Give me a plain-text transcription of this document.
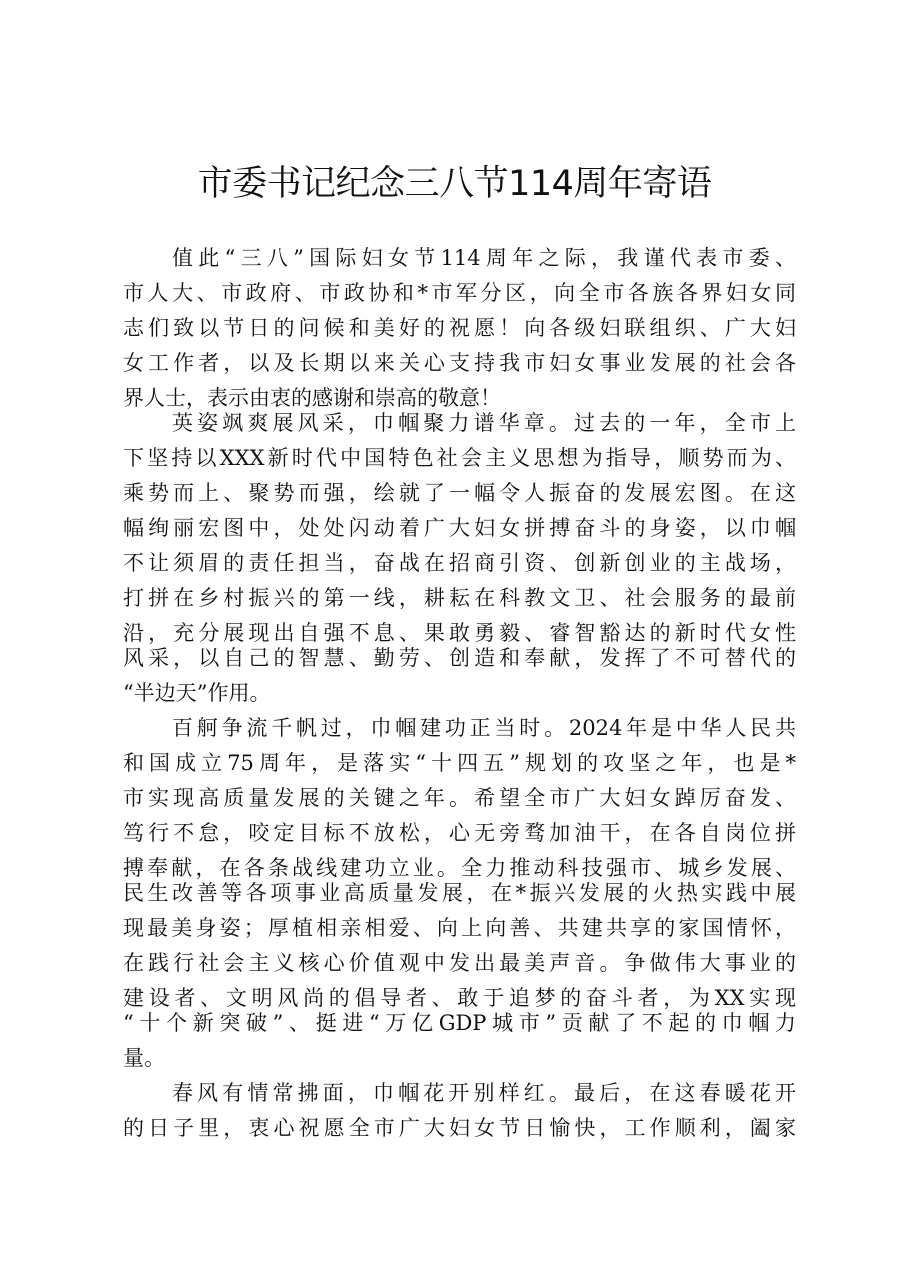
市委书记纪念三八节114周年寄语

值此“三八”国际妇女节114周年之际，我谨代表市委、

市人大、市政府、市政协和*市军分区，向全市各族各界妇女同

志们致以节日的问候和美好的祝愿！向各级妇联组织、广大妇

女工作者，以及长期以来关心支持我市妇女事业发展的社会各

界人士，表示由衷的感谢和崇高的敬意！

英姿飒爽展风采，巾帼聚力谱华章。过去的一年，全市上

下坚持以XXX新时代中国特色社会主义思想为指导，顺势而为、

乘势而上、聚势而强，绘就了一幅令人振奋的发展宏图。在这

幅绚丽宏图中，处处闪动着广大妇女拼搏奋斗的身姿，以巾帼

不让须眉的责任担当，奋战在招商引资、创新创业的主战场，

打拼在乡村振兴的第一线，耕耘在科教文卫、社会服务的最前

沿，充分展现出自强不息、果敢勇毅、睿智豁达的新时代女性

风采，以自己的智慧、勤劳、创造和奉献，发挥了不可替代的

“半边天”作用。

百舸争流千帆过，巾帼建功正当时。2024年是中华人民共

和国成立75周年，是落实“十四五”规划的攻坚之年，也是*

市实现高质量发展的关键之年。希望全市广大妇女踔厉奋发、

笃行不怠，咬定目标不放松，心无旁骛加油干，在各自岗位拼

搏奉献，在各条战线建功立业。全力推动科技强市、城乡发展、

民生改善等各项事业高质量发展，在*振兴发展的火热实践中展

现最美身姿；厚植相亲相爱、向上向善、共建共享的家国情怀，

在践行社会主义核心价值观中发出最美声音。争做伟大事业的

建设者、文明风尚的倡导者、敢于追梦的奋斗者，为XX实现

“十个新突破”、挺进“万亿GDP城市”贡献了不起的巾帼力

量。

春风有情常拂面，巾帼花开别样红。最后，在这春暖花开

的日子里，衷心祝愿全市广大妇女节日愉快，工作顺利，阖家
